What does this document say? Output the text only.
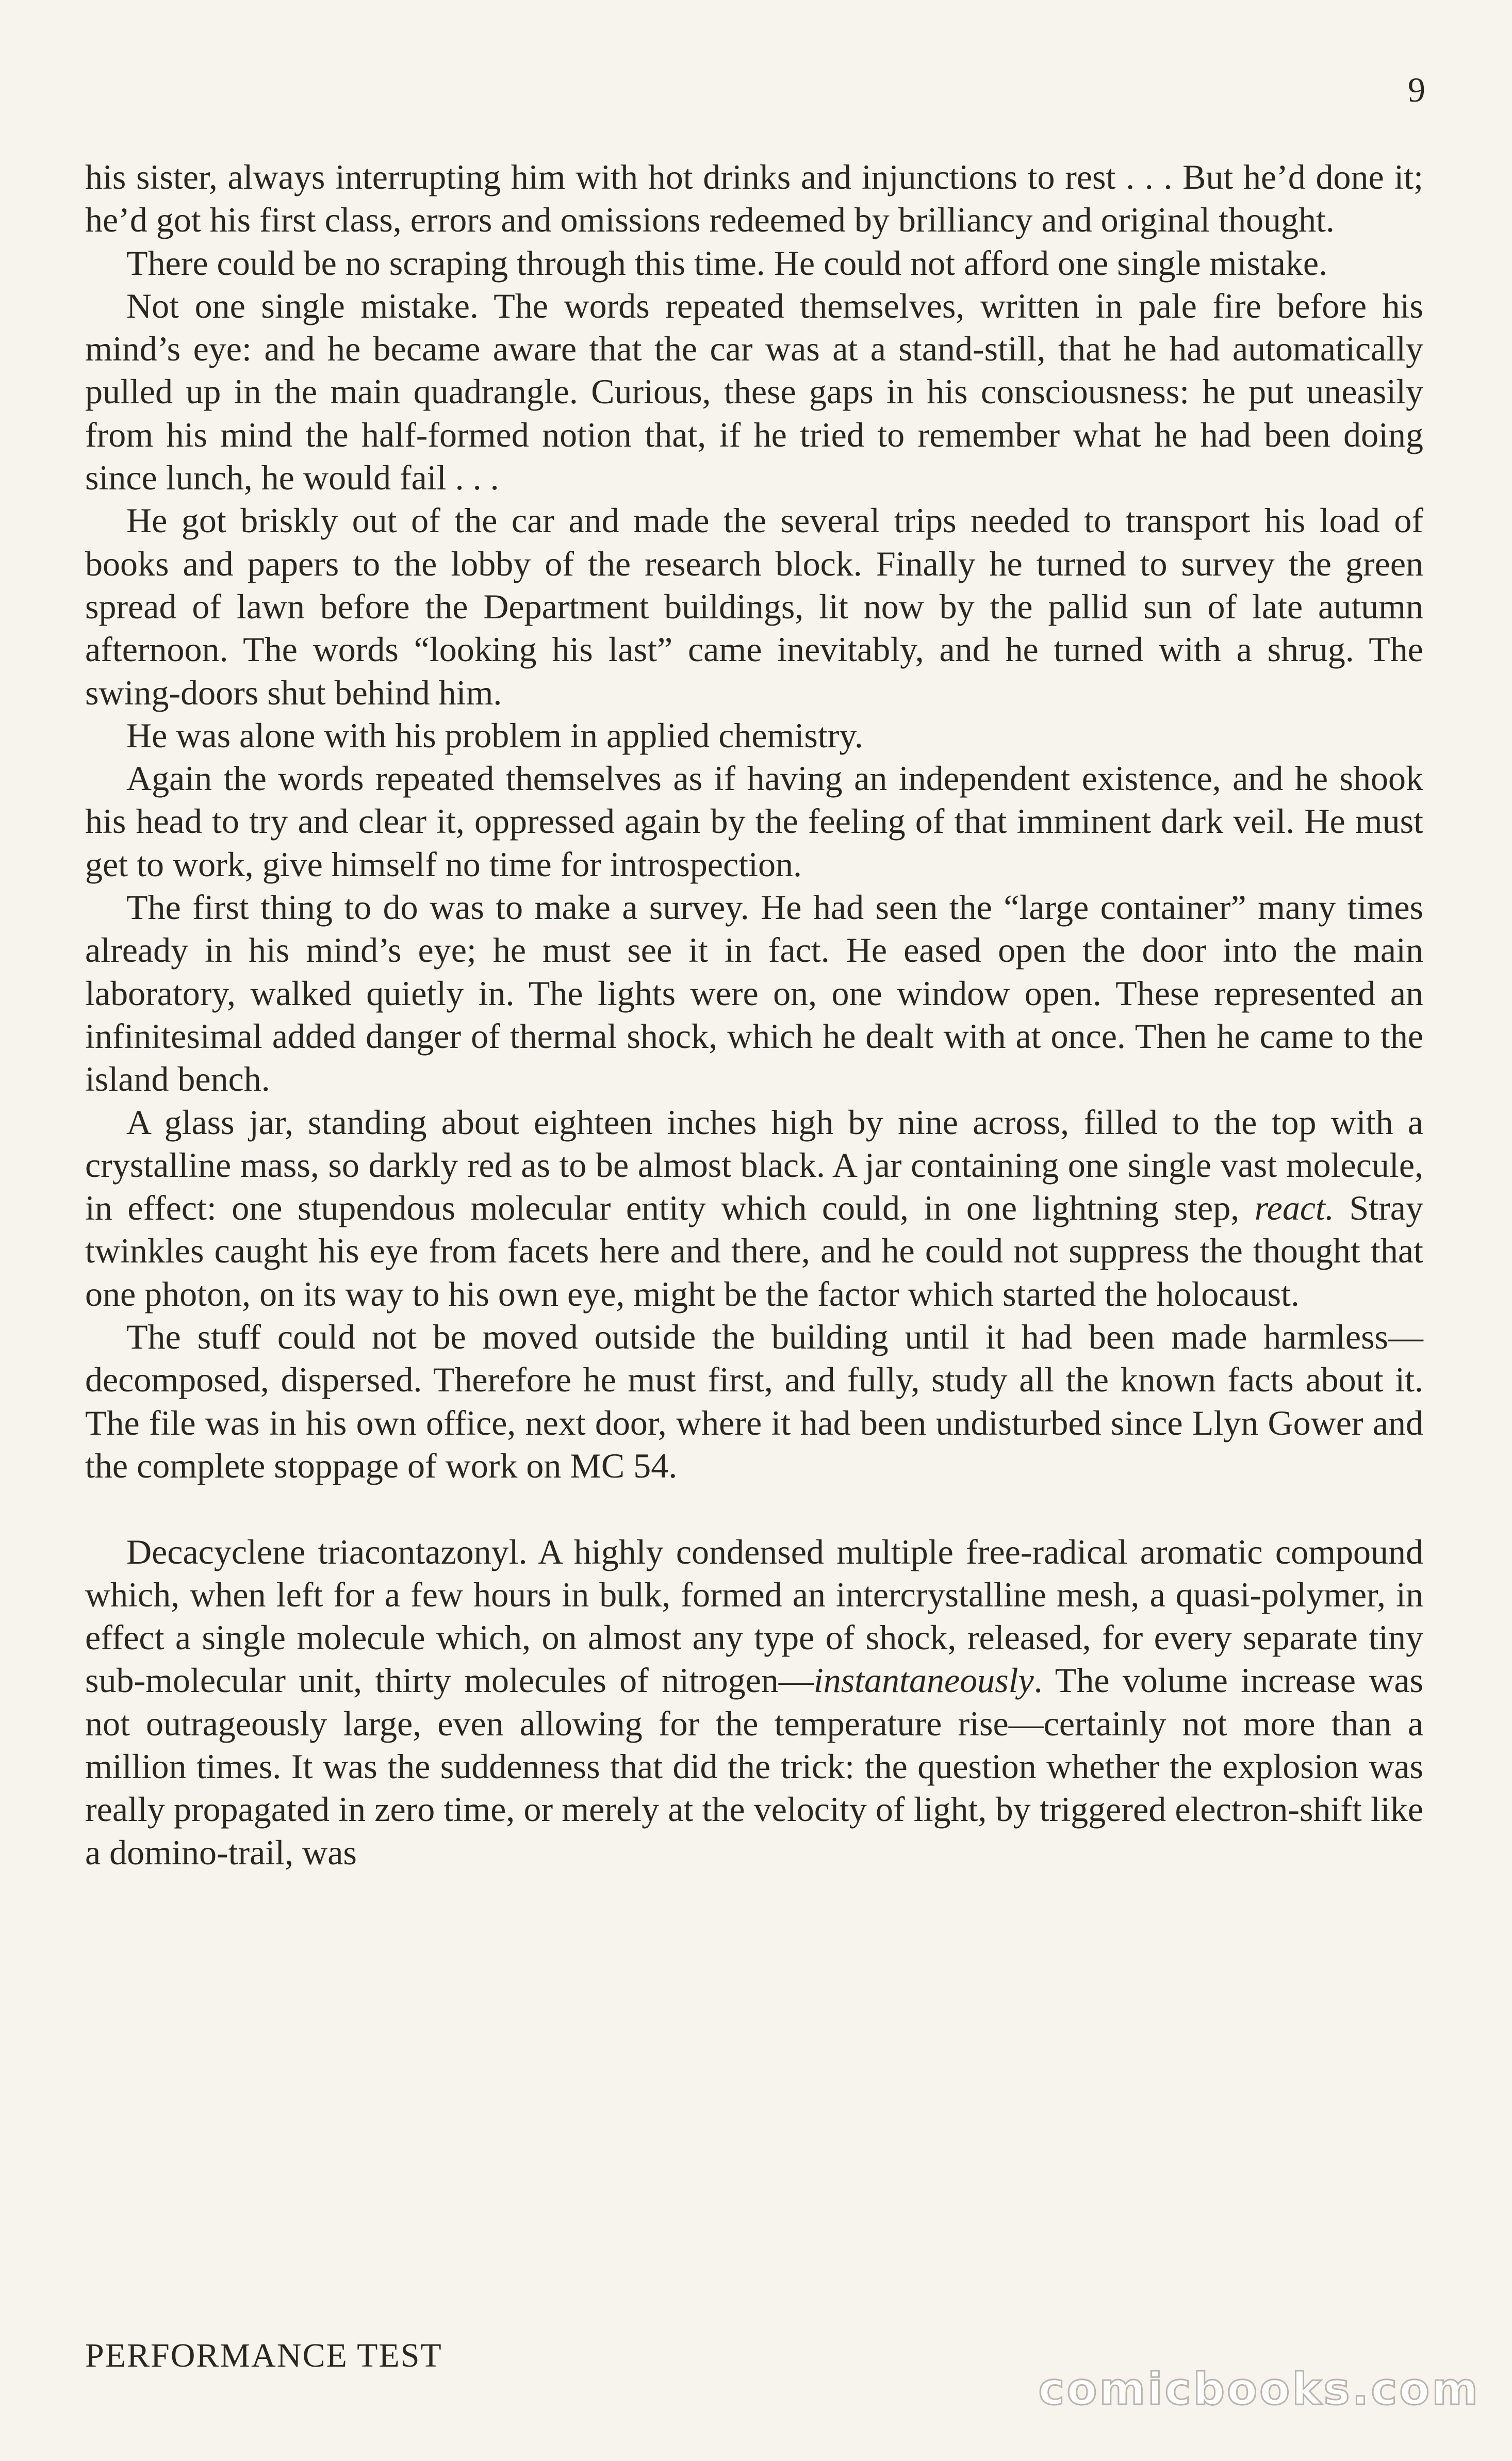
9

his sister, always interrupting him with hot drinks and injunctions to rest . . . But he’d done it; he’d got his first class, errors and omissions redeemed by brilliancy and original thought.

There could be no scraping through this time. He could not afford one single mistake.

Not one single mistake. The words repeated themselves, written in pale fire before his mind’s eye: and he became aware that the car was at a stand-still, that he had automatically pulled up in the main quadrangle. Curious, these gaps in his consciousness: he put uneasily from his mind the half-formed notion that, if he tried to remember what he had been doing since lunch, he would fail . . .

He got briskly out of the car and made the several trips needed to transport his load of books and papers to the lobby of the research block. Finally he turned to survey the green spread of lawn before the Department buildings, lit now by the pallid sun of late autumn afternoon. The words “looking his last” came inevitably, and he turned with a shrug. The swing-doors shut behind him.

He was alone with his problem in applied chemistry.

Again the words repeated themselves as if having an independent existence, and he shook his head to try and clear it, oppressed again by the feeling of that imminent dark veil. He must get to work, give himself no time for introspection.

The first thing to do was to make a survey. He had seen the “large container” many times already in his mind’s eye; he must see it in fact. He eased open the door into the main laboratory, walked quietly in. The lights were on, one window open. These represented an infinitesimal added danger of thermal shock, which he dealt with at once. Then he came to the island bench.

A glass jar, standing about eighteen inches high by nine across, filled to the top with a crystalline mass, so darkly red as to be almost black. A jar containing one single vast molecule, in effect: one stupendous molecular entity which could, in one lightning step, react. Stray twinkles caught his eye from facets here and there, and he could not suppress the thought that one photon, on its way to his own eye, might be the factor which started the holocaust.

The stuff could not be moved outside the building until it had been made harmless—decomposed, dispersed. Therefore he must first, and fully, study all the known facts about it. The file was in his own office, next door, where it had been undisturbed since Llyn Gower and the complete stoppage of work on MC 54.

Decacyclene triacontazonyl. A highly condensed multiple free-radical aromatic compound which, when left for a few hours in bulk, formed an intercrystalline mesh, a quasi-polymer, in effect a single molecule which, on almost any type of shock, released, for every separate tiny sub-molecular unit, thirty molecules of nitrogen—instantaneously. The volume increase was not outrageously large, even allowing for the temperature rise—certainly not more than a million times. It was the suddenness that did the trick: the question whether the explosion was really propagated in zero time, or merely at the velocity of light, by triggered electron-shift like a domino-trail, was

PERFORMANCE TEST
comicbooks.com
